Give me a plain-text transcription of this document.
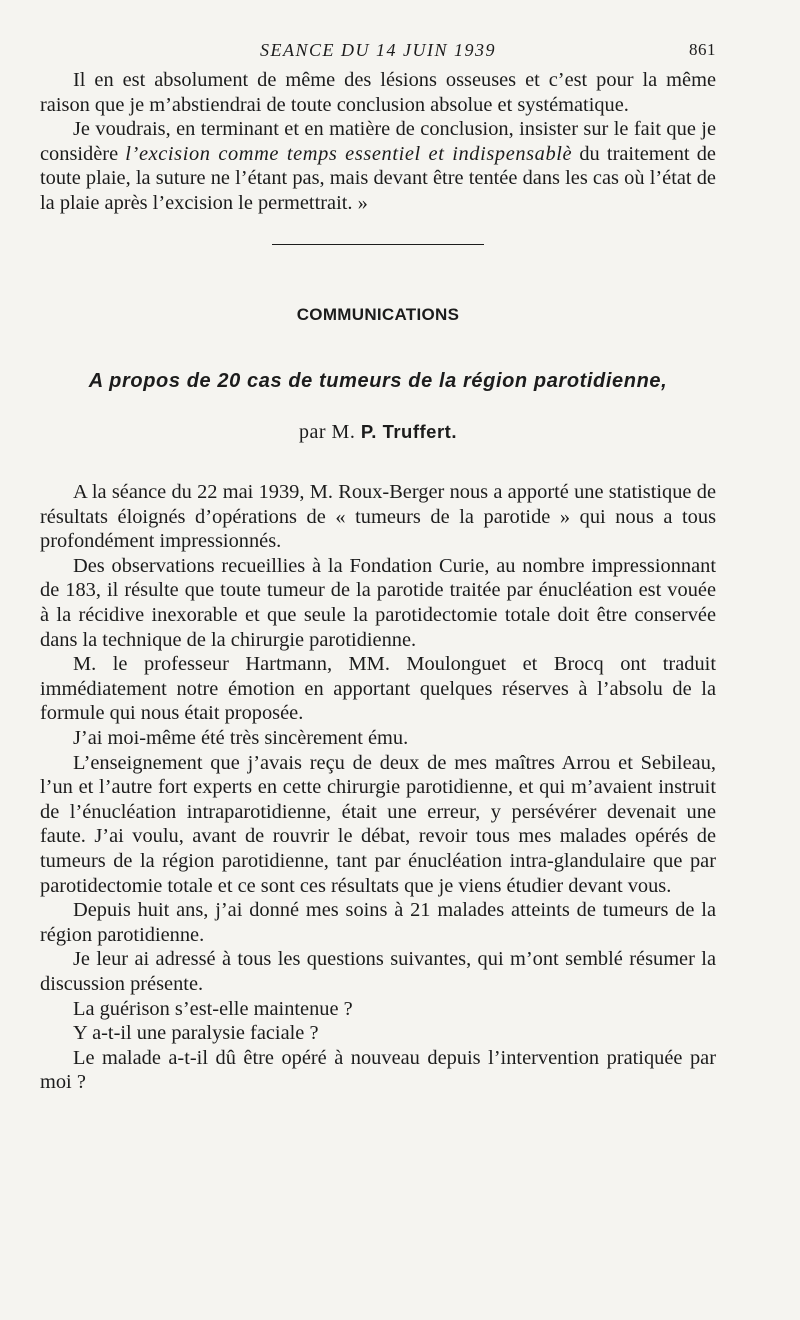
SEANCE DU 14 JUIN 1939	861

Il en est absolument de même des lésions osseuses et c’est pour la même raison que je m’abstiendrai de toute conclusion absolue et systématique.

Je voudrais, en terminant et en matière de conclusion, insister sur le fait que je considère l’excision comme temps essentiel et indispensablè du traitement de toute plaie, la suture ne l’étant pas, mais devant être tentée dans les cas où l’état de la plaie après l’excision le permettrait. »

COMMUNICATIONS
A propos de 20 cas de tumeurs de la région parotidienne,
par M. P. Truffert.

A la séance du 22 mai 1939, M. Roux-Berger nous a apporté une statistique de résultats éloignés d’opérations de « tumeurs de la parotide » qui nous a tous profondément impressionnés.

Des observations recueillies à la Fondation Curie, au nombre impressionnant de 183, il résulte que toute tumeur de la parotide traitée par énucléation est vouée à la récidive inexorable et que seule la parotidectomie totale doit être conservée dans la technique de la chirurgie parotidienne.

M. le professeur Hartmann, MM. Moulonguet et Brocq ont traduit immédiatement notre émotion en apportant quelques réserves à l’absolu de la formule qui nous était proposée.

J’ai moi-même été très sincèrement ému.

L’enseignement que j’avais reçu de deux de mes maîtres Arrou et Sebileau, l’un et l’autre fort experts en cette chirurgie parotidienne, et qui m’avaient instruit de l’énucléation intraparotidienne, était une erreur, y persévérer devenait une faute. J’ai voulu, avant de rouvrir le débat, revoir tous mes malades opérés de tumeurs de la région parotidienne, tant par énucléation intra-glandulaire que par parotidectomie totale et ce sont ces résultats que je viens étudier devant vous.

Depuis huit ans, j’ai donné mes soins à 21 malades atteints de tumeurs de la région parotidienne.

Je leur ai adressé à tous les questions suivantes, qui m’ont semblé résumer la discussion présente.

La guérison s’est-elle maintenue ?

Y a-t-il une paralysie faciale ?

Le malade a-t-il dû être opéré à nouveau depuis l’intervention pratiquée par moi ?
